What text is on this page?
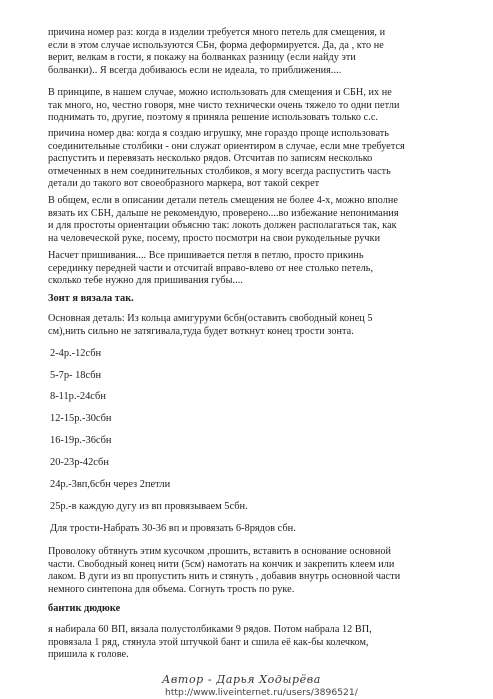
причина номер раз: когда в изделии требуется много петель для смещения, и
если в этом случае используются СБн, форма деформируется. Да, да , кто не
верит, велкам в гости, я покажу на болванках разницу (если найду эти
болванки).. Я всегда добиваюсь если не идеала, то приближения....
В принципе, в нашем случае, можно использовать для смещения и СБН, их не
так много, но, честно говоря, мне чисто технически очень тяжело то одни петли
поднимать то, другие, поэтому я приняла решение использовать только с.с.
причина номер два: когда я создаю игрушку, мне гораздо проще использовать
соединительные столбики - они служат ориентиром в случае, если мне требуется
распустить и перевязать несколько рядов. Отсчитав по записям несколько
отмеченных в нем соединительных столбиков, я могу всегда распустить часть
детали до такого вот своеобразного маркера, вот такой секрет
В общем, если в описании детали петель смещения не более 4-х, можно вполне
вязать их СБН, дальше не рекомендую, проверено....во избежание непонимания
и для простоты ориентации объясню так: локоть должен располагаться так, как
на человеческой руке, посему, просто посмотри на свои рукодельные ручки
Насчет пришивания.... Все пришивается петля в петлю, просто прикинь
серединку передней части и отсчитай вправо-влево от нее столько петель,
сколько тебе нужно для пришивания губы....
Зонт я вязала так.
Основная деталь: Из кольца амигуруми 6сбн(оставить свободный конец 5
см),нить сильно не затягивала,туда будет воткнут конец трости зонта.
2-4р.-12сбн
5-7р- 18сбн
8-11р.-24сбн
12-15р.-30сбн
16-19р.-36сбн
20-23р-42сбн
24р.-3вп,6сбн через 2петли
25р.-в каждую дугу из вп провязываем 5сбн.
Для трости-Набрать 30-36 вп и провязать 6-8рядов сбн.
Проволоку обтянуть этим кусочком ,прошить, вставить в основание основной
части. Свободный конец нити (5см) намотать на кончик и закрепить клеем или
лаком. В дуги из вп пропустить нить и стянуть , добавив внутрь основной части
немного синтепона для объема. Согнуть трость по руке.
бантик дюдюке
я набирала 60 ВП, вязала полустолбиками 9 рядов. Потом набрала 12 ВП,
провязала 1 ряд, стянула этой штучкой бант и сшила её как-бы колечком,
пришила к голове.
Автор - Дарья Ходырёва
http://www.liveinternet.ru/users/3896521/
